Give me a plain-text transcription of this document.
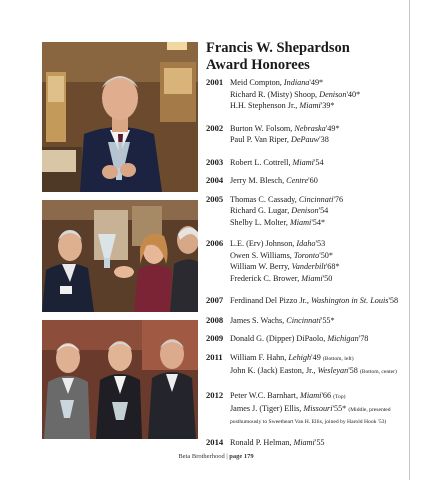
Francis W. Shepardson
Award Honorees
2001 Meid Compton, Indiana'49*
Richard R. (Misty) Shoop, Denison'40*
H.H. Stephenson Jr., Miami'39*
2002 Burton W. Folsom, Nebraska'49*
Paul P. Van Riper, DePauw'38
2003 Robert L. Cottrell, Miami'54
2004 Jerry M. Blesch, Centre'60
2005 Thomas C. Cassady, Cincinnati'76
Richard G. Lugar, Denison'54
Shelby L. Molter, Miami'54*
2006 L.E. (Erv) Johnson, Idaho'53
Owen S. Williams, Toronto'50*
William W. Berry, Vanderbilt'68*
Frederick C. Brower, Miami'50
2007 Ferdinand Del Pizzo Jr., Washington in St. Louis'58
2008 James S. Wachs, Cincinnati'55*
2009 Donald G. (Dipper) DiPaolo, Michigan'78
2011 William F. Hahn, Lehigh'49 (Bottom, left)
John K. (Jack) Easton, Jr., Wesleyan'58 (Bottom, center)
2012 Peter W.C. Barnhart, Miami'66 (Top)
James J. (Tiger) Ellis, Missouri'55* (Middle, presented
posthumously to Sweetheart Van H. Ellis, joined by Harold Hook '53)
2014 Ronald P. Helman, Miami'55
Beta Brotherhood | page 179
